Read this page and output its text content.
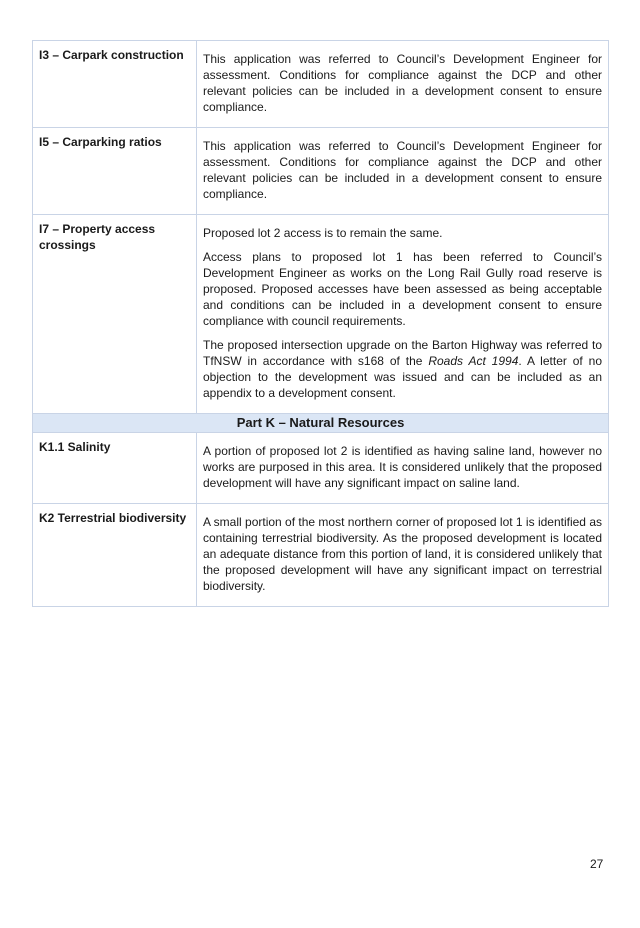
I3 – Carpark construction	This application was referred to Council’s Development Engineer for assessment. Conditions for compliance against the DCP and other relevant policies can be included in a development consent to ensure compliance.

I5 – Carparking ratios	This application was referred to Council’s Development Engineer for assessment. Conditions for compliance against the DCP and other relevant policies can be included in a development consent to ensure compliance.

I7 – Property access crossings	Proposed lot 2 access is to remain the same.

Access plans to proposed lot 1 has been referred to Council’s Development Engineer as works on the Long Rail Gully road reserve is proposed. Proposed accesses have been assessed as being acceptable and conditions can be included in a development consent to ensure compliance with council requirements.

The proposed intersection upgrade on the Barton Highway was referred to TfNSW in accordance with s168 of the Roads Act 1994. A letter of no objection to the development was issued and can be included as an appendix to a development consent.

Part K – Natural Resources	
K1.1 Salinity	A portion of proposed lot 2 is identified as having saline land, however no works are purposed in this area. It is considered unlikely that the proposed development will have any significant impact on saline land.

K2 Terrestrial biodiversity	A small portion of the most northern corner of proposed lot 1 is identified as containing terrestrial biodiversity. As the proposed development is located an adequate distance from this portion of land, it is considered unlikely that the proposed development will have any significant impact on terrestrial biodiversity.

27
